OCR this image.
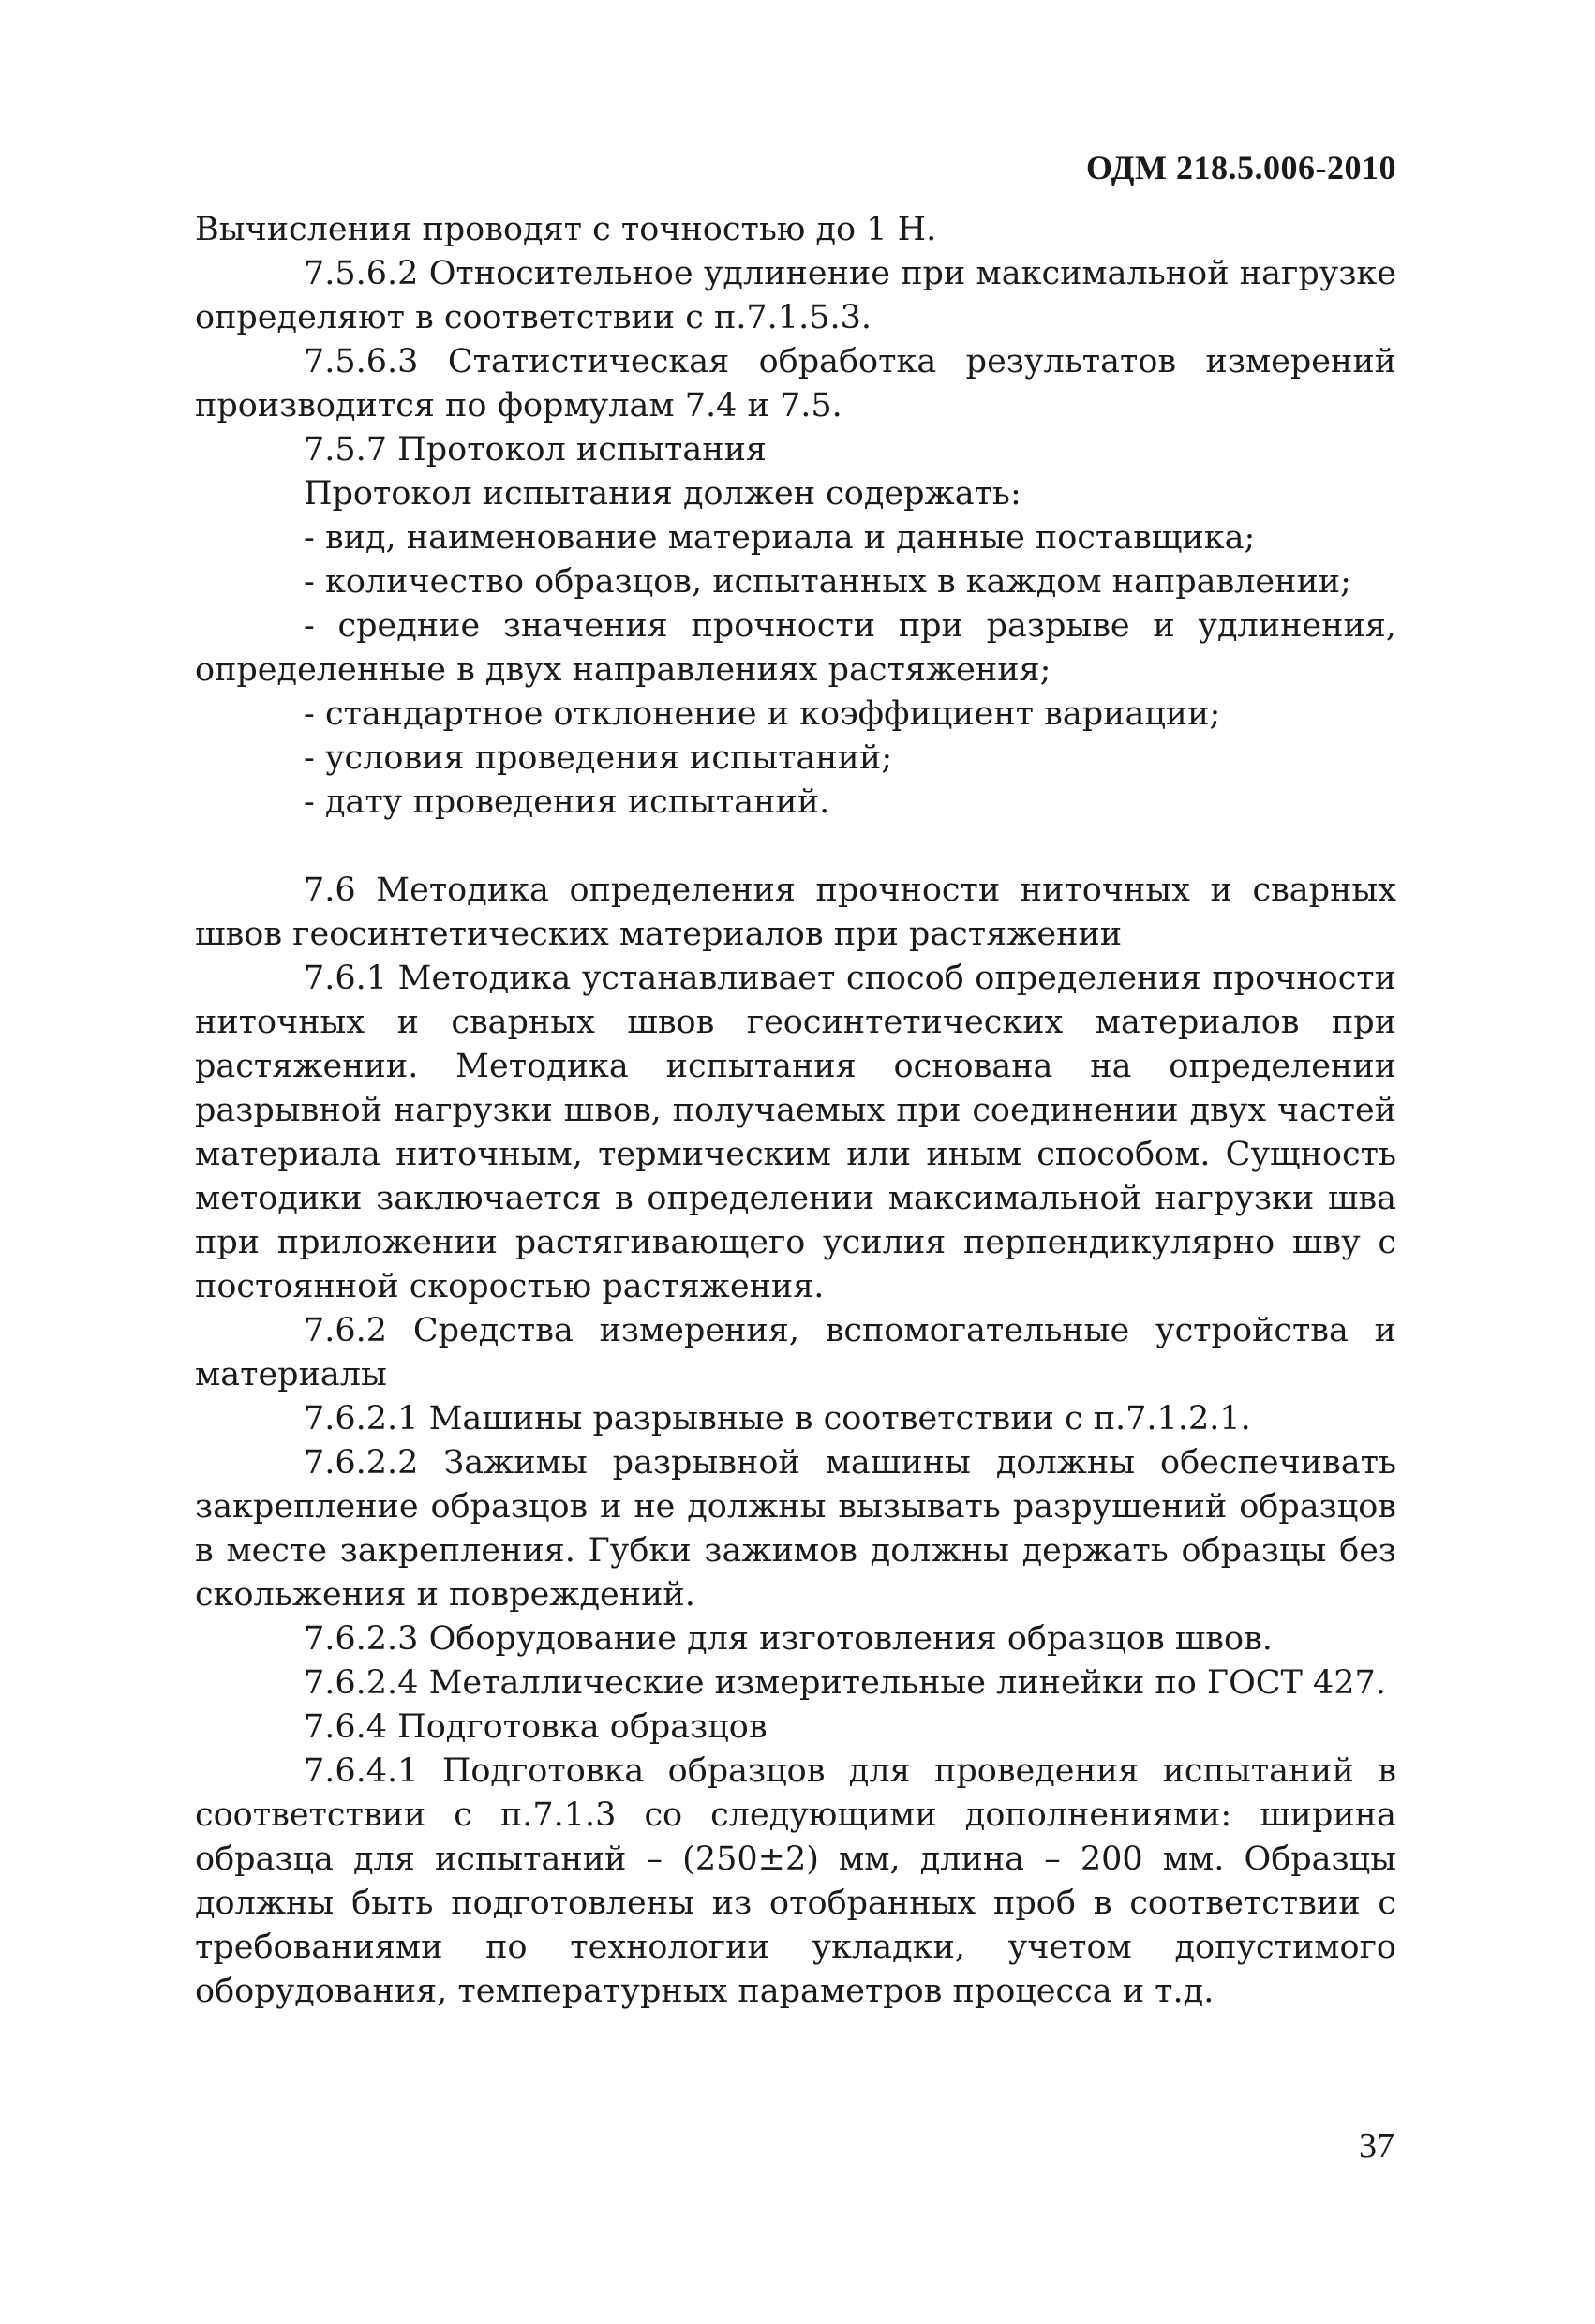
ОДМ 218.5.006-2010

Вычисления проводят с точностью до 1 Н.

7.5.6.2 Относительное удлинение при максимальной нагрузке определяют в соответствии с п.7.1.5.3.

7.5.6.3 Статистическая обработка результатов измерений производится по формулам 7.4 и 7.5.

7.5.7 Протокол испытания

Протокол испытания должен содержать:

- вид, наименование материала и данные поставщика;

- количество образцов, испытанных в каждом направлении;

- средние значения прочности при разрыве и удлинения, определенные в двух направлениях растяжения;

- стандартное отклонение и коэффициент вариации;

- условия проведения испытаний;

- дату проведения испытаний.

7.6 Методика определения прочности ниточных и сварных швов геосинтетических материалов при растяжении

7.6.1 Методика устанавливает способ определения прочности ниточных и сварных швов геосинтетических материалов при растяжении. Методика испытания основана на определении разрывной нагрузки швов, получаемых при соединении двух частей материала ниточным, термическим или иным способом. Сущность методики заключается в определении максимальной нагрузки шва при приложении растягивающего усилия перпендикулярно шву с постоянной скоростью растяжения.

7.6.2 Средства измерения, вспомогательные устройства и материалы

7.6.2.1 Машины разрывные в соответствии с п.7.1.2.1.

7.6.2.2 Зажимы разрывной машины должны обеспечивать закрепление образцов и не должны вызывать разрушений образцов в месте закрепления. Губки зажимов должны держать образцы без скольжения и повреждений.

7.6.2.3 Оборудование для изготовления образцов швов.

7.6.2.4 Металлические измерительные линейки по ГОСТ 427.

7.6.4 Подготовка образцов

7.6.4.1 Подготовка образцов для проведения испытаний в соответствии с п.7.1.3 со следующими дополнениями: ширина образца для испытаний – (250±2) мм, длина – 200 мм. Образцы должны быть подготовлены из отобранных проб в соответствии с требованиями по технологии укладки, учетом допустимого оборудования, температурных параметров процесса и т.д.

37
